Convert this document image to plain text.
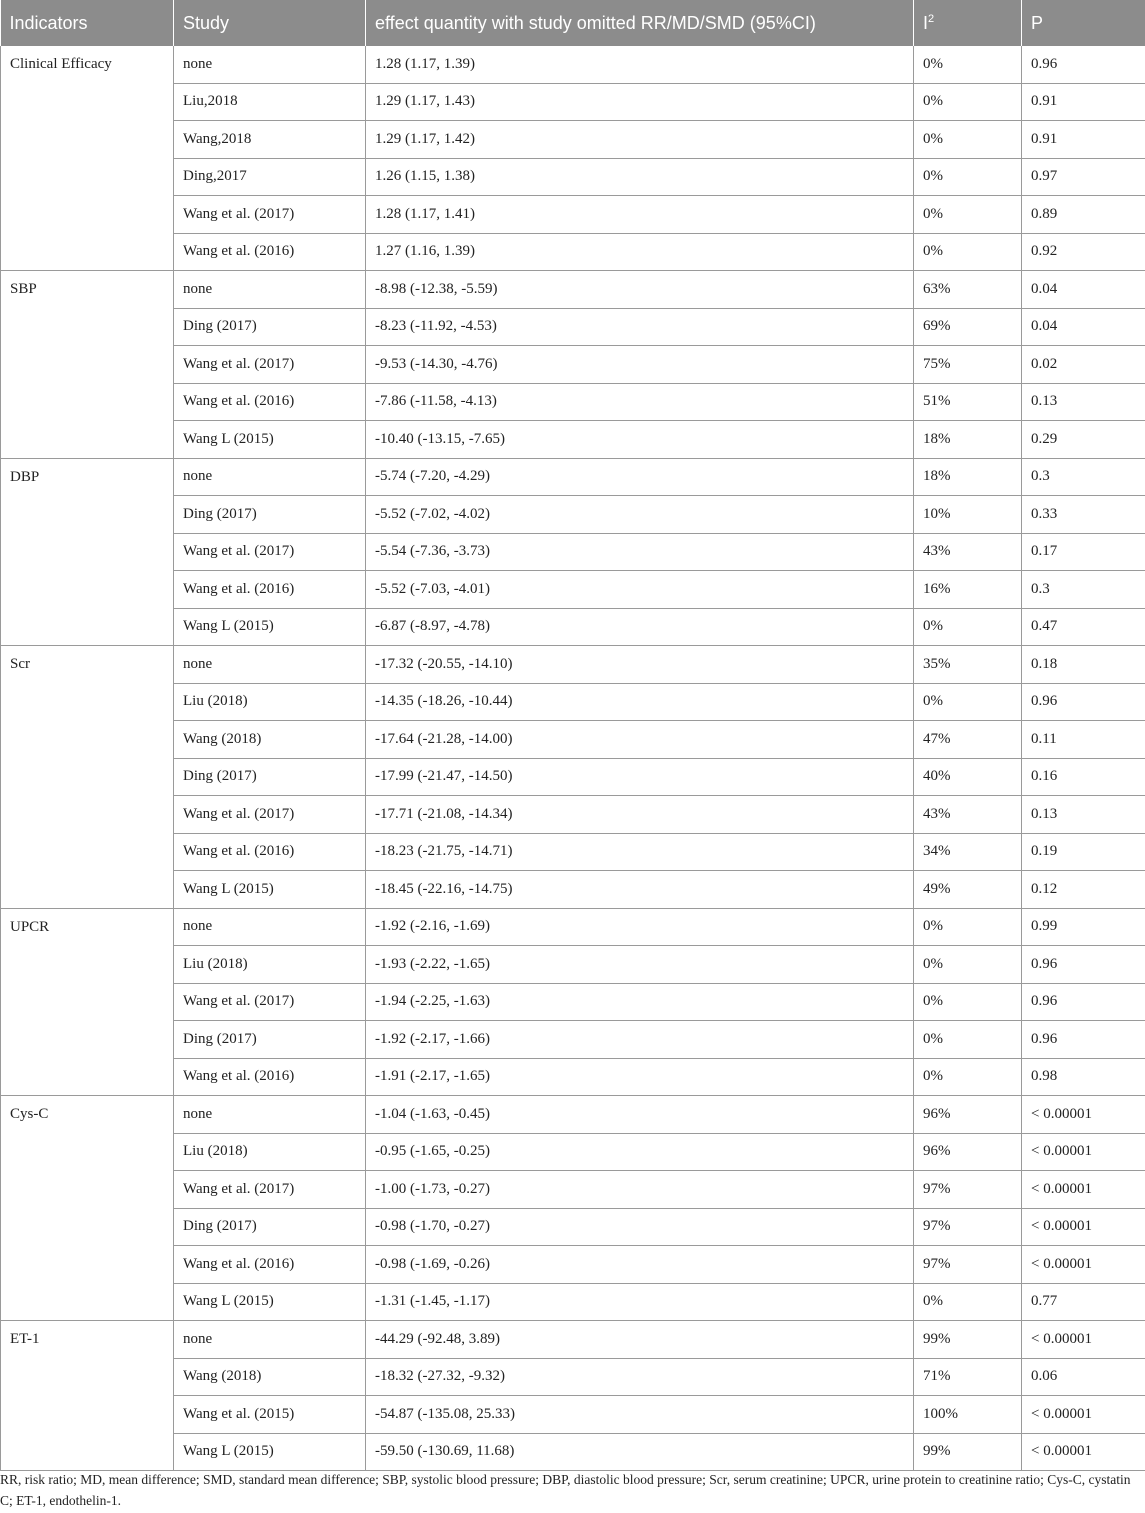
Indicators	Study	effect quantity with study omitted RR/MD/SMD (95%CI)	$I^2$	P
Clinical Efficacy	none	1.28 (1.17, 1.39)	0%	0.96
	Liu,2018	1.29 (1.17, 1.43)	0%	0.91
	Wang,2018	1.29 (1.17, 1.42)	0%	0.91
	Ding,2017	1.26 (1.15, 1.38)	0%	0.97
	Wang et al. (2017)	1.28 (1.17, 1.41)	0%	0.89
	Wang et al. (2016)	1.27 (1.16, 1.39)	0%	0.92
SBP	none	-8.98 (-12.38, -5.59)	63%	0.04
	Ding (2017)	-8.23 (-11.92, -4.53)	69%	0.04
	Wang et al. (2017)	-9.53 (-14.30, -4.76)	75%	0.02
	Wang et al. (2016)	-7.86 (-11.58, -4.13)	51%	0.13
	Wang L (2015)	-10.40 (-13.15, -7.65)	18%	0.29
DBP	none	-5.74 (-7.20, -4.29)	18%	0.3
	Ding (2017)	-5.52 (-7.02, -4.02)	10%	0.33
	Wang et al. (2017)	-5.54 (-7.36, -3.73)	43%	0.17
	Wang et al. (2016)	-5.52 (-7.03, -4.01)	16%	0.3
	Wang L (2015)	-6.87 (-8.97, -4.78)	0%	0.47
Scr	none	-17.32 (-20.55, -14.10)	35%	0.18
	Liu (2018)	-14.35 (-18.26, -10.44)	0%	0.96
	Wang (2018)	-17.64 (-21.28, -14.00)	47%	0.11
	Ding (2017)	-17.99 (-21.47, -14.50)	40%	0.16
	Wang et al. (2017)	-17.71 (-21.08, -14.34)	43%	0.13
	Wang et al. (2016)	-18.23 (-21.75, -14.71)	34%	0.19
	Wang L (2015)	-18.45 (-22.16, -14.75)	49%	0.12
UPCR	none	-1.92 (-2.16, -1.69)	0%	0.99
	Liu (2018)	-1.93 (-2.22, -1.65)	0%	0.96
	Wang et al. (2017)	-1.94 (-2.25, -1.63)	0%	0.96
	Ding (2017)	-1.92 (-2.17, -1.66)	0%	0.96
	Wang et al. (2016)	-1.91 (-2.17, -1.65)	0%	0.98
Cys-C	none	-1.04 (-1.63, -0.45)	96%	< 0.00001
	Liu (2018)	-0.95 (-1.65, -0.25)	96%	< 0.00001
	Wang et al. (2017)	-1.00 (-1.73, -0.27)	97%	< 0.00001
	Ding (2017)	-0.98 (-1.70, -0.27)	97%	< 0.00001
	Wang et al. (2016)	-0.98 (-1.69, -0.26)	97%	< 0.00001
	Wang L (2015)	-1.31 (-1.45, -1.17)	0%	0.77
ET-1	none	-44.29 (-92.48, 3.89)	99%	< 0.00001
	Wang (2018)	-18.32 (-27.32, -9.32)	71%	0.06
	Wang et al. (2015)	-54.87 (-135.08, 25.33)	100%	< 0.00001
	Wang L (2015)	-59.50 (-130.69, 11.68)	99%	< 0.00001
RR, risk ratio; MD, mean difference; SMD, standard mean difference; SBP, systolic blood pressure; DBP, diastolic blood pressure; Scr, serum creatinine; UPCR, urine protein to creatinine ratio; Cys-C, cystatin C; ET-1, endothelin-1.
